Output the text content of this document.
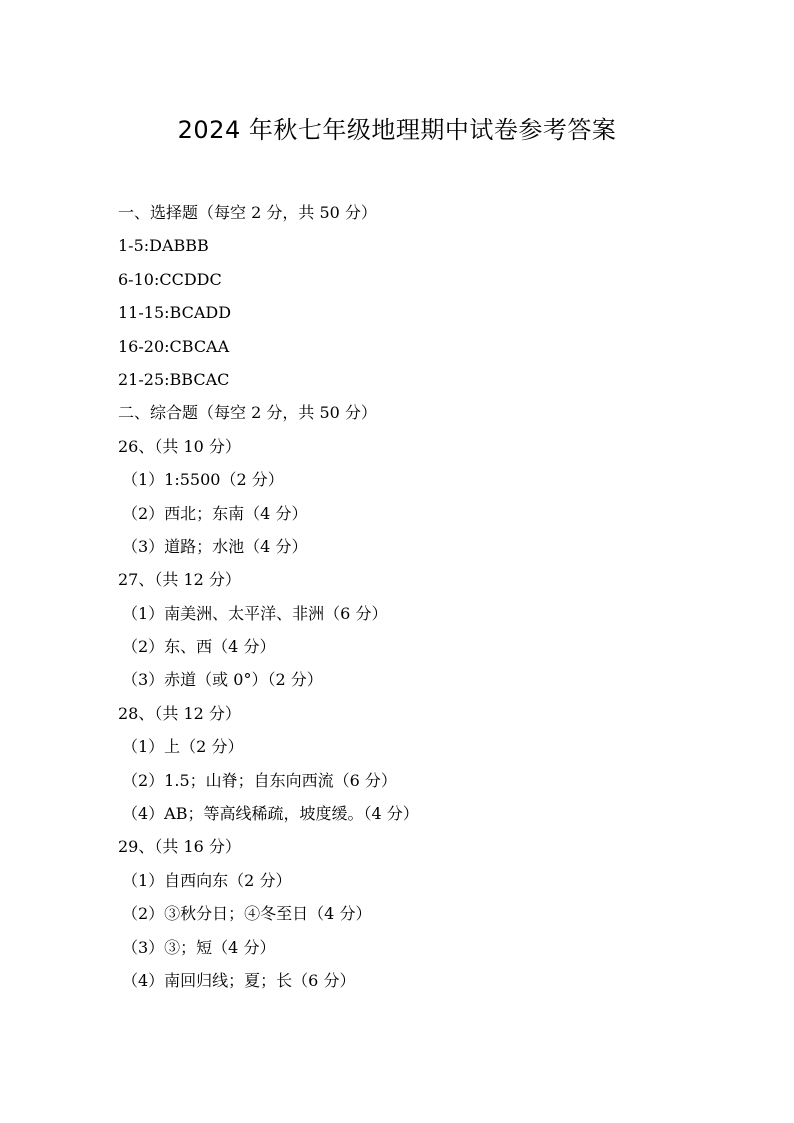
2024 年秋七年级地理期中试卷参考答案
一、选择题（每空 2 分，共 50 分）
1-5:DABBB
6-10:CCDDC
11-15:BCADD
16-20:CBCAA
21-25:BBCAC
二、综合题（每空 2 分，共 50 分）
26、（共 10 分）
（1）1:5500（2 分）
（2）西北；东南（4 分）
（3）道路；水池（4 分）
27、（共 12 分）
（1）南美洲、太平洋、非洲（6 分）
（2）东、西（4 分）
（3）赤道（或 0°）（2 分）
28、（共 12 分）
（1）上（2 分）
（2）1.5；山脊；自东向西流（6 分）
（4）AB；等高线稀疏，坡度缓。（4 分）
29、（共 16 分）
（1）自西向东（2 分）
（2）③秋分日；④冬至日（4 分）
（3）③；短（4 分）
（4）南回归线；夏；长（6 分）
